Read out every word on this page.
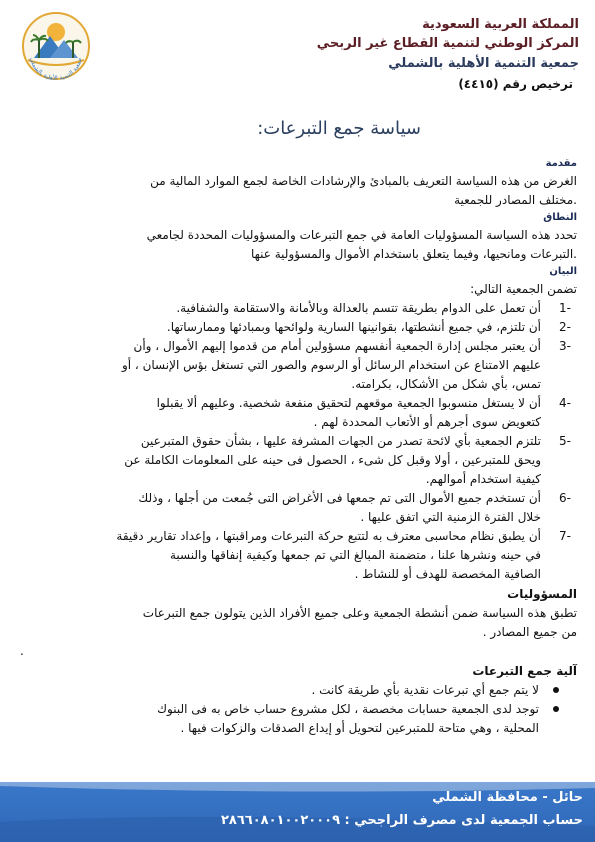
جمعية التنمية الأهلية بالشملي
المملكة العربية السعودية
المركز الوطني لتنمية القطاع غير الربحي
جمعية التنمية الأهلية بالشملي
ترخيص رقم (٤٤١٥)
سياسة جمع التبرعات:

مقدمة

الغرض من هذه السياسة التعريف بالمبادئ والإرشادات الخاصة لجمع الموارد المالية من

.مختلف المصادر للجمعية

النطاق

تحدد هذه السياسة المسؤوليات العامة في جمع التبرعات والمسؤوليات المحددة لجامعي

.التبرعات ومانحيها، وفيما يتعلق باستخدام الأموال والمسؤولية عنها

البيان

تضمن الجمعية التالي:

1-
أن تعمل على الدوام بطريقة تتسم بالعدالة وبالأمانة والاستقامة والشفافية.
2-
أن تلتزم، في جميع أنشطتها، بقوانينها السارية ولوائحها وبمبادئها وممارساتها.
3-
أن يعتبر مجلس إدارة الجمعية أنفسهم مسؤولين أمام من قدموا إليهم الأموال ، وأن
عليهم الامتناع عن استخدام الرسائل أو الرسوم والصور التي تستغل بؤس الإنسان ، أو
تمس، بأي شكل من الأشكال، بكرامته.
4-
أن لا يستغل منسوبوا الجمعية موقعهم لتحقيق منفعة شخصية. وعليهم ألا يقبلوا
كتعويض سوى أجرهم أو الأتعاب المحددة لهم .
5-
تلتزم الجمعية بأي لائحة تصدر من الجهات المشرفة عليها ، بشأن حقوق المتبرعين
ويحق للمتبرعين ، أولا وقبل كل شىء ، الحصول فى حينه على المعلومات الكاملة عن
كيفية استخدام أموالهم.
6-
أن تستخدم جميع الأموال التى تم جمعها فى الأغراض التى جُمعت من أجلها ، وذلك
خلال الفترة الزمنية التي اتفق عليها .
7-
أن يطبق نظام محاسبى معترف به لتتبع حركة التبرعات ومراقبتها ، وإعداد تقارير دقيقة
في حينه ونشرها علنا ، متضمنة المبالغ التي تم جمعها وكيفية إنفاقها والنسبة
الصافية المخصصة للهدف أو للنشاط .

المسؤوليات

تطبق هذه السياسة ضمن أنشطة الجمعية وعلى جميع الأفراد الذين يتولون جمع التبرعات

من جميع المصادر .

.

آلية جمع التبرعات

لا يتم جمع أي تبرعات نقدية بأي طريقة كانت .
توجد لدى الجمعية حسابات مخصصة ، لكل مشروع حساب خاص به فى البنوك
المحلية ، وهي متاحة للمتبرعين لتحويل أو إيداع الصدقات والزكوات فيها .
حائل - محافظة الشملي
حساب الجمعية لدى مصرف الراجحي : ٢٨٦٦٠٨٠١٠٠٢٠٠٠٩
